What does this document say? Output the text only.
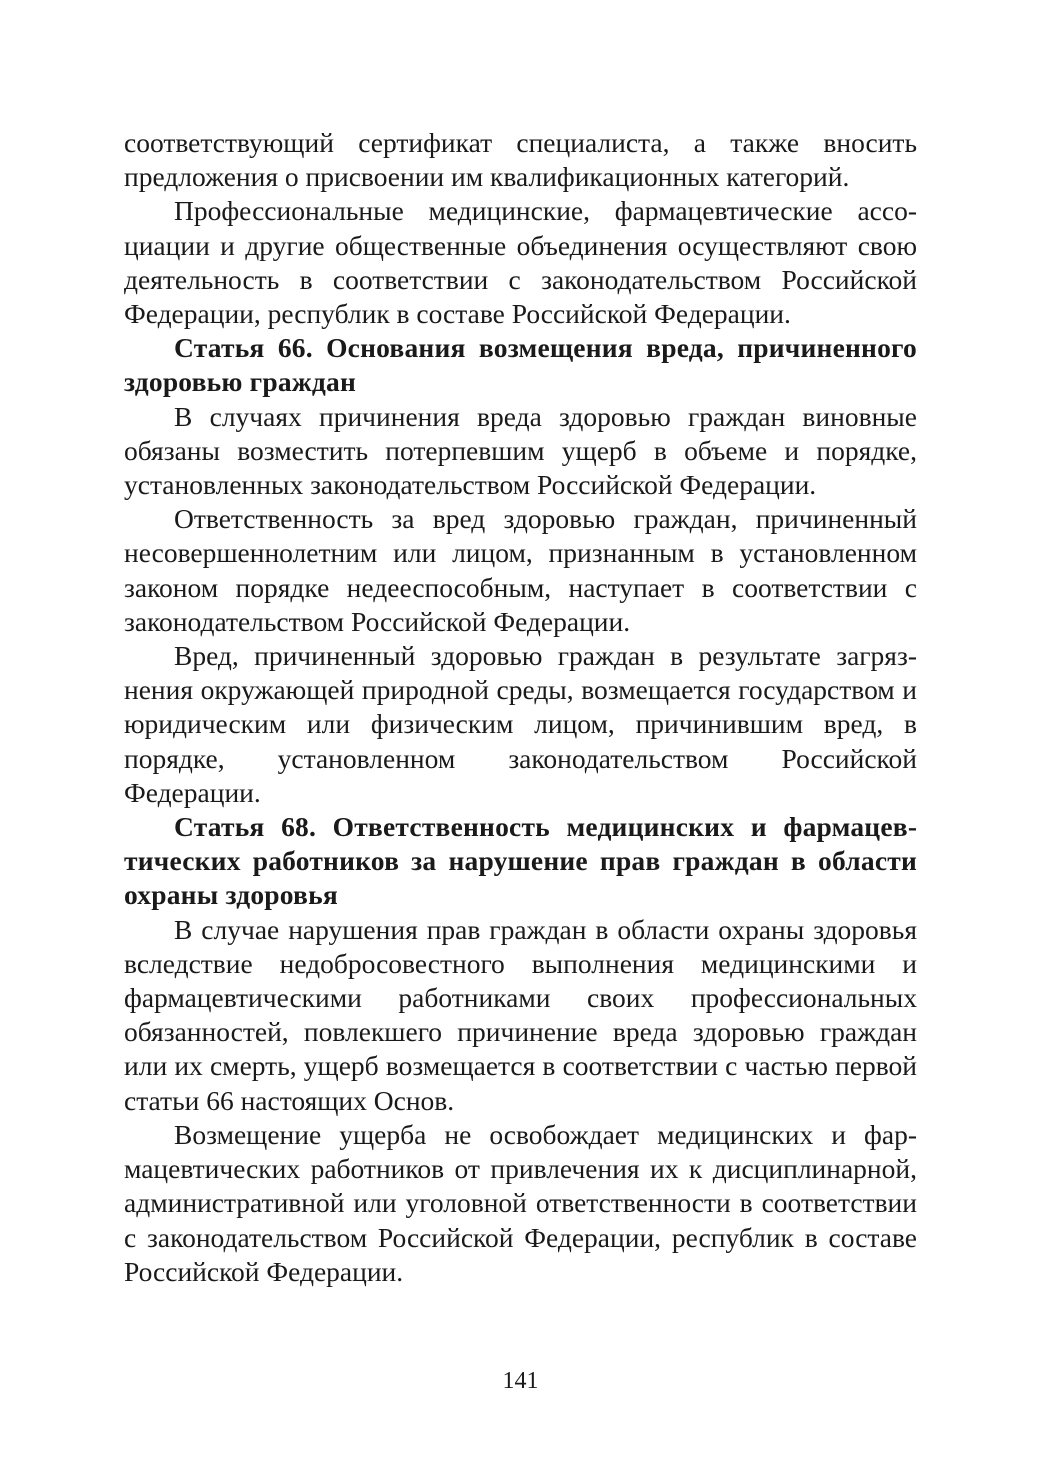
соответствующий сертификат специалиста, а также вносить предложения о присвоении им квалификационных категорий.

Профессиональные медицинские, фармацевтические ассоциации и другие общественные объединения осуществляют свою деятельность в соответствии с законодательством Российской Федерации, республик в составе Российской Федерации.

Статья 66. Основания возмещения вреда, причиненного здоровью граждан

В случаях причинения вреда здоровью граждан виновные обязаны возместить потерпевшим ущерб в объеме и порядке, установленных законодательством Российской Федерации.

Ответственность за вред здоровью граждан, причиненный несовершеннолетним или лицом, признанным в установленном законом порядке недееспособным, наступает в соответствии с законодательством Российской Федерации.

Вред, причиненный здоровью граждан в результате загрязнения окружающей природной среды, возмещается государством и юридическим или физическим лицом, причинившим вред, в порядке, установленном законодательством Российской Федерации.

Статья 68. Ответственность медицинских и фармацевтических работников за нарушение прав граждан в области охраны здоровья

В случае нарушения прав граждан в области охраны здоровья вследствие недобросовестного выполнения медицинскими и фармацевтическими работниками своих профессиональных обязанностей, повлекшего причинение вреда здоровью граждан или их смерть, ущерб возмещается в соответствии с частью первой статьи 66 настоящих Основ.

Возмещение ущерба не освобождает медицинских и фармацевтических работников от привлечения их к дисциплинарной, административной или уголовной ответственности в соответствии с законодательством Российской Федерации, республик в составе Российской Федерации.

141
